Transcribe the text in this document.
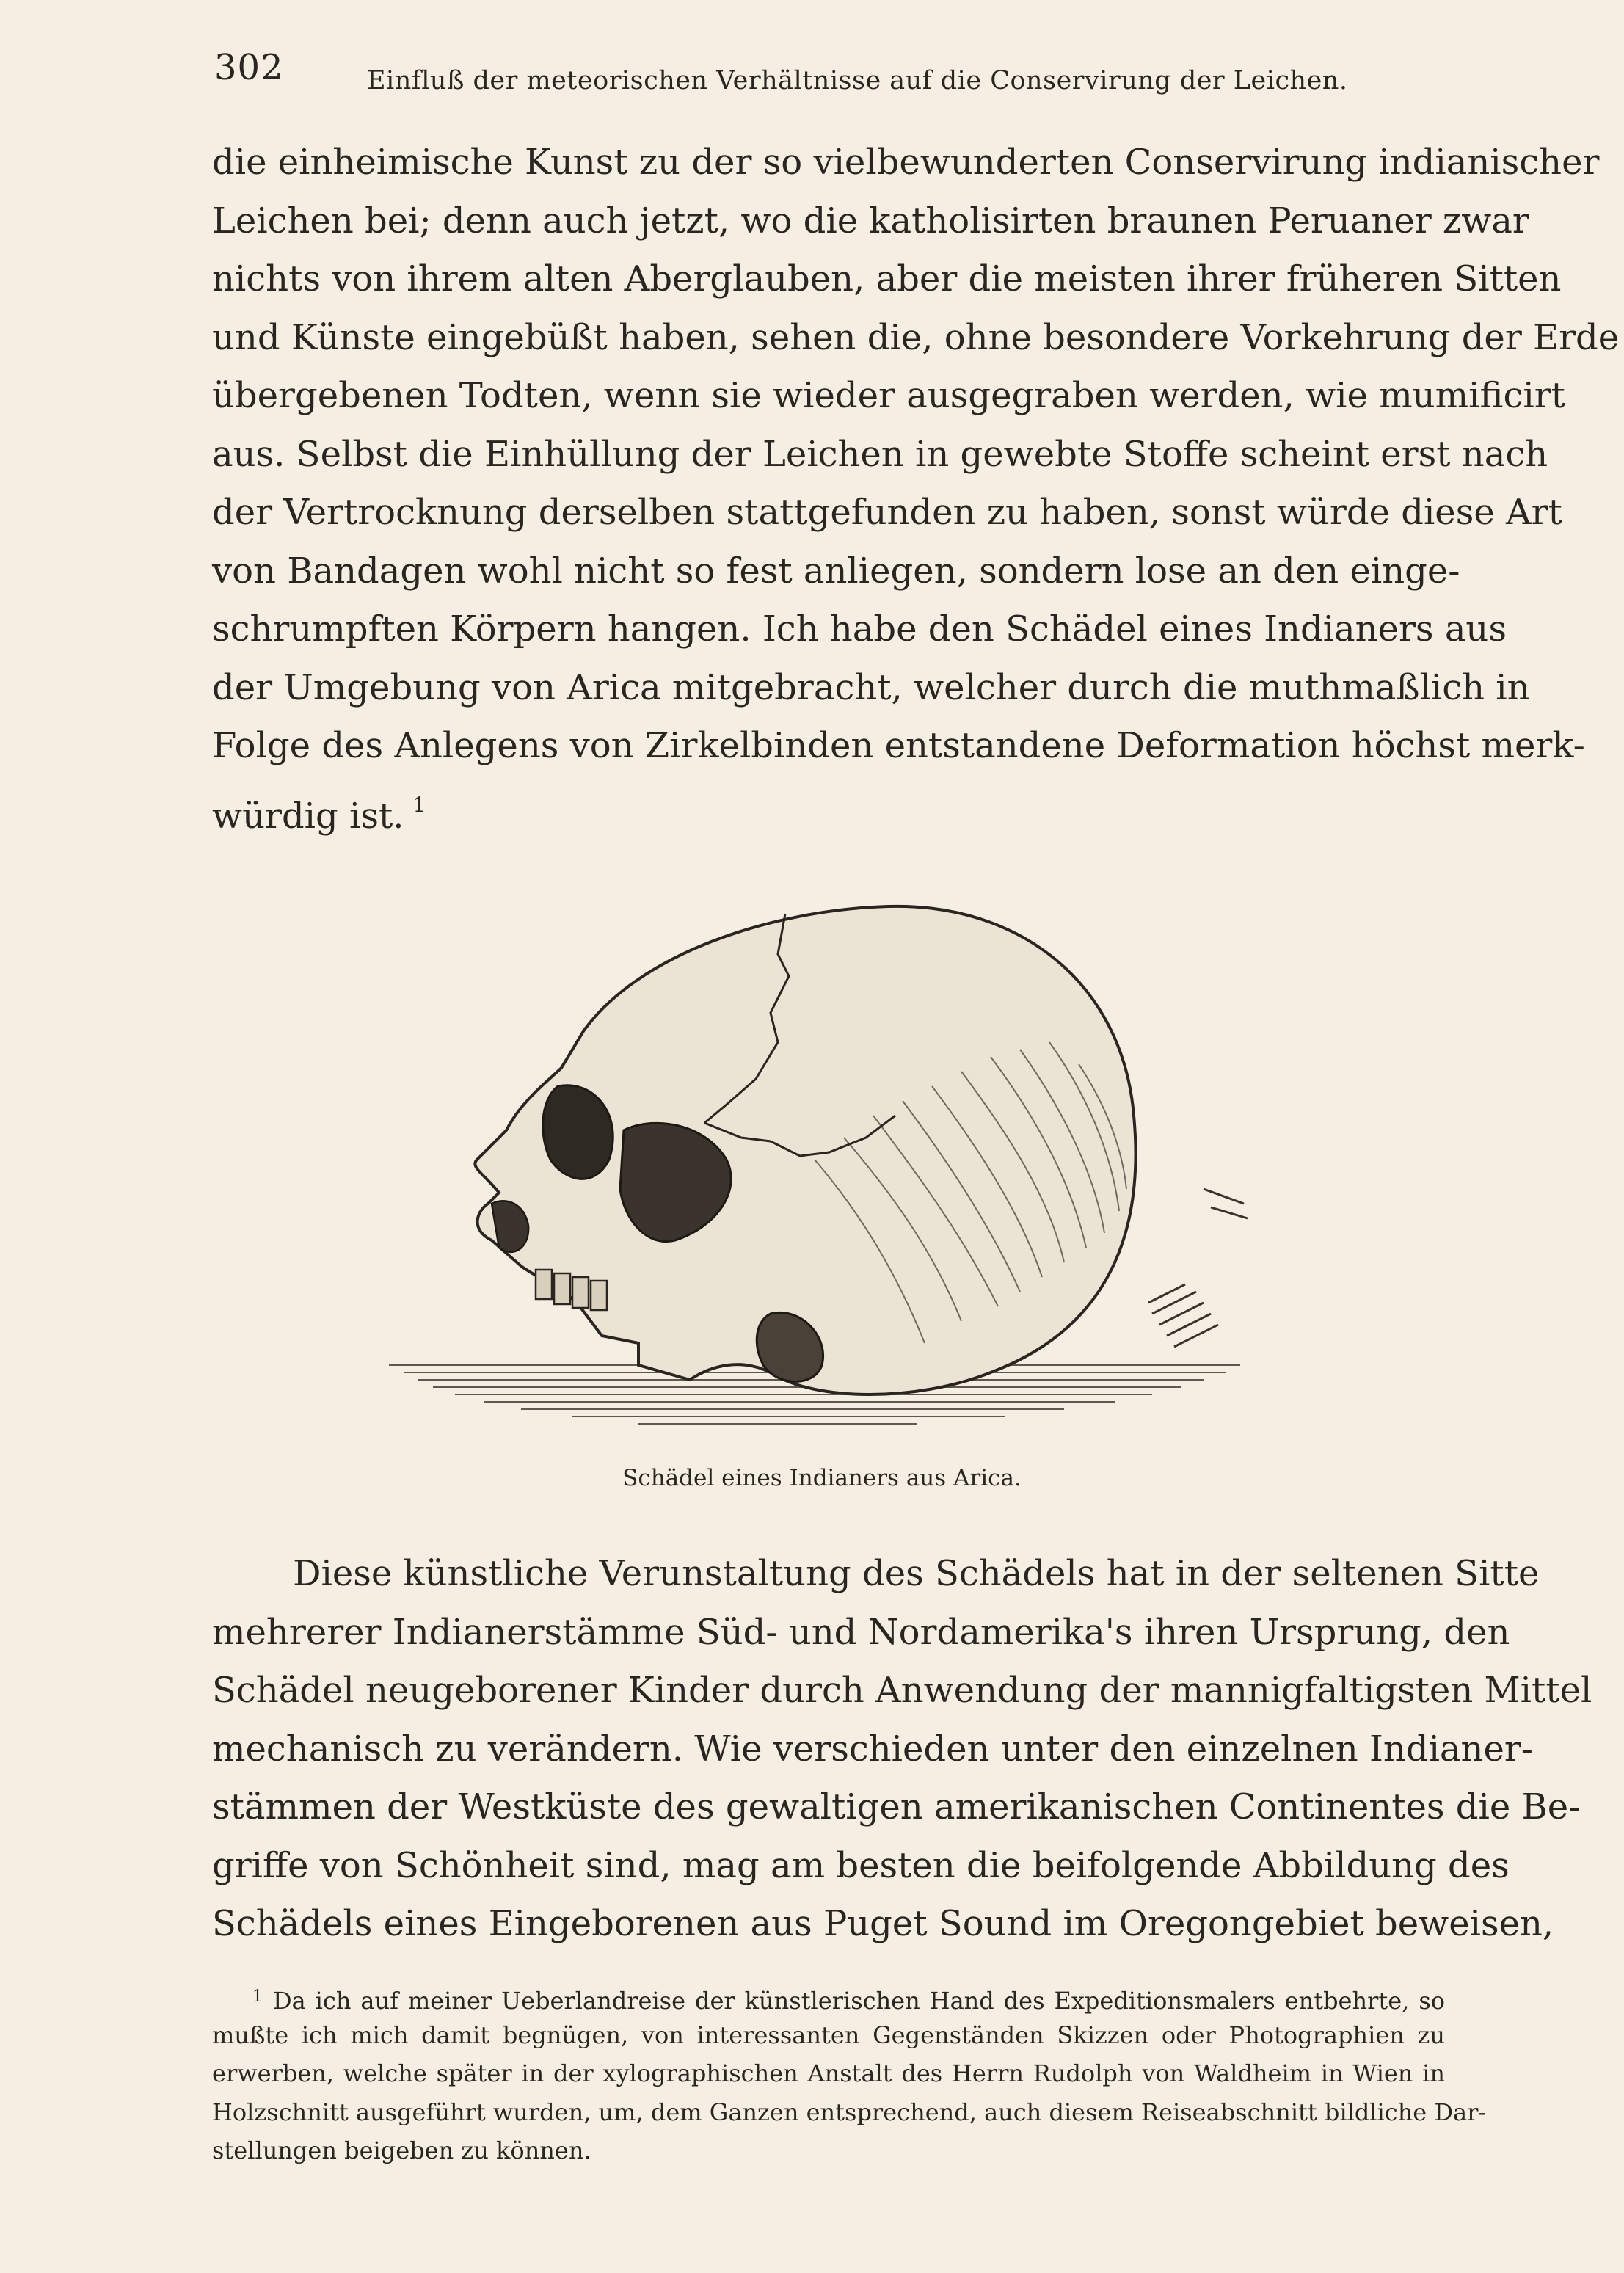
302	Einfluß der meteorischen Verhältnisse auf die Conservirung der Leichen.
die einheimische Kunst zu der so vielbewunderten Conservirung indianischer
Leichen bei; denn auch jetzt, wo die katholisirten braunen Peruaner zwar
nichts von ihrem alten Aberglauben, aber die meisten ihrer früheren Sitten
und Künste eingebüßt haben, sehen die, ohne besondere Vorkehrung der Erde
übergebenen Todten, wenn sie wieder ausgegraben werden, wie mumificirt
aus. Selbst die Einhüllung der Leichen in gewebte Stoffe scheint erst nach
der Vertrocknung derselben stattgefunden zu haben, sonst würde diese Art
von Bandagen wohl nicht so fest anliegen, sondern lose an den einge-
schrumpften Körpern hangen. Ich habe den Schädel eines Indianers aus
der Umgebung von Arica mitgebracht, welcher durch die muthmaßlich in
Folge des Anlegens von Zirkelbinden entstandene Deformation höchst merk-
würdig ist. $^1$
Schädel eines Indianers aus Arica.
Diese künstliche Verunstaltung des Schädels hat in der seltenen Sitte
mehrerer Indianerstämme Süd- und Nordamerika's ihren Ursprung, den
Schädel neugeborener Kinder durch Anwendung der mannigfaltigsten Mittel
mechanisch zu verändern. Wie verschieden unter den einzelnen Indianer-
stämmen der Westküste des gewaltigen amerikanischen Continentes die Be-
griffe von Schönheit sind, mag am besten die beifolgende Abbildung des
Schädels eines Eingeborenen aus Puget Sound im Oregongebiet beweisen,
$^1$ Da ich auf meiner Ueberlandreise der künstlerischen Hand des Expeditionsmalers entbehrte, so
mußte ich mich damit begnügen, von interessanten Gegenständen Skizzen oder Photographien zu
erwerben, welche später in der xylographischen Anstalt des Herrn Rudolph von Waldheim in Wien in
Holzschnitt ausgeführt wurden, um, dem Ganzen entsprechend, auch diesem Reiseabschnitt bildliche Dar-
stellungen beigeben zu können.
